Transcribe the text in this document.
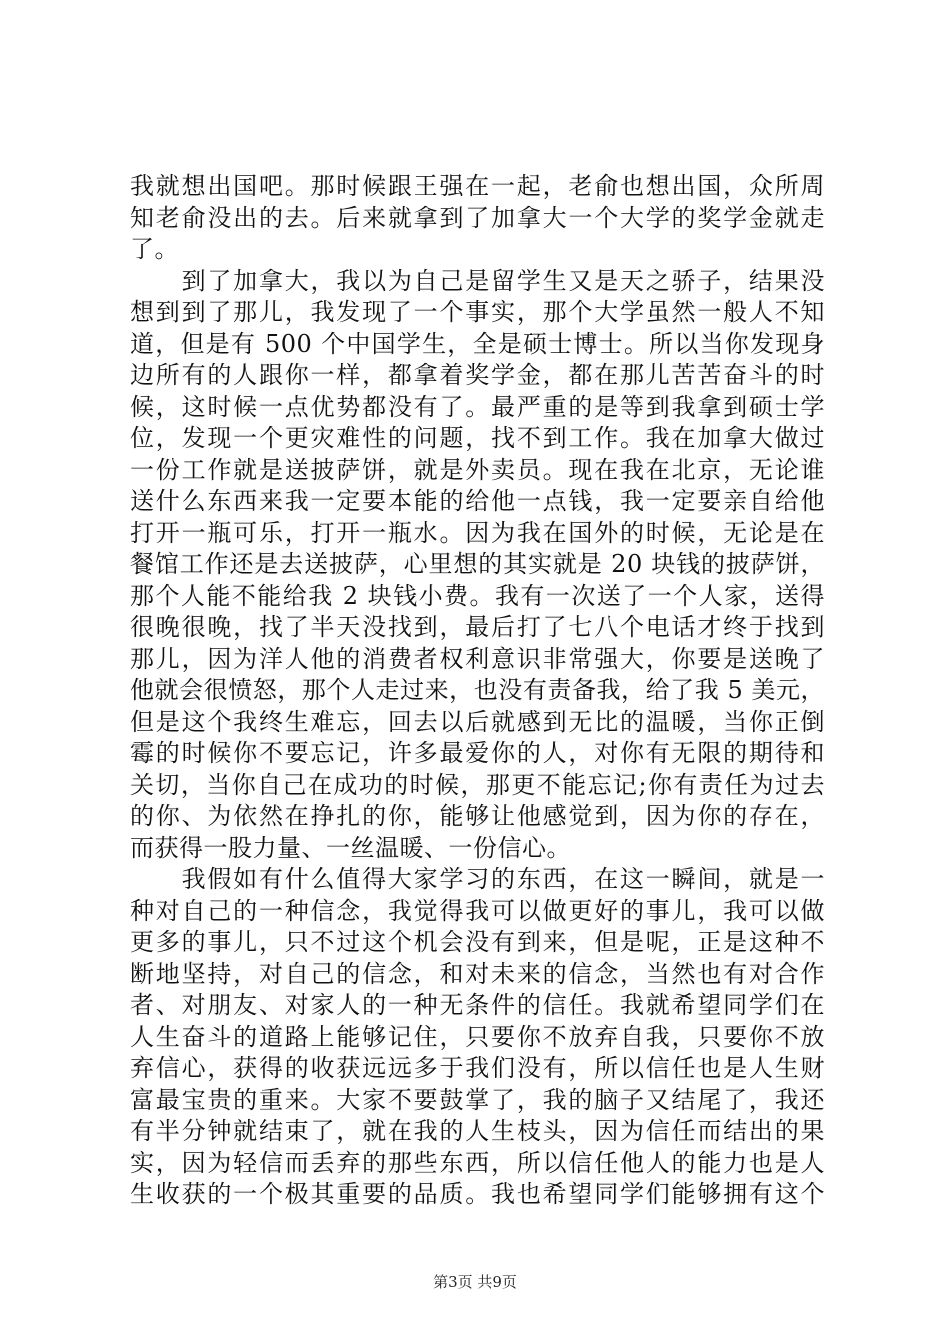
我就想出国吧。那时候跟王强在一起，老俞也想出国，众所周
知老俞没出的去。后来就拿到了加拿大一个大学的奖学金就走
了。
　　到了加拿大，我以为自己是留学生又是天之骄子，结果没
想到到了那儿，我发现了一个事实，那个大学虽然一般人不知
道，但是有 500 个中国学生，全是硕士博士。所以当你发现身
边所有的人跟你一样，都拿着奖学金，都在那儿苦苦奋斗的时
候，这时候一点优势都没有了。最严重的是等到我拿到硕士学
位，发现一个更灾难性的问题，找不到工作。我在加拿大做过
一份工作就是送披萨饼，就是外卖员。现在我在北京，无论谁
送什么东西来我一定要本能的给他一点钱，我一定要亲自给他
打开一瓶可乐，打开一瓶水。因为我在国外的时候，无论是在
餐馆工作还是去送披萨，心里想的其实就是 20 块钱的披萨饼，
那个人能不能给我 2 块钱小费。我有一次送了一个人家，送得
很晚很晚，找了半天没找到，最后打了七八个电话才终于找到
那儿，因为洋人他的消费者权利意识非常强大，你要是送晚了
他就会很愤怒，那个人走过来，也没有责备我，给了我 5 美元，
但是这个我终生难忘，回去以后就感到无比的温暖，当你正倒
霉的时候你不要忘记，许多最爱你的人，对你有无限的期待和
关切，当你自己在成功的时候，那更不能忘记;你有责任为过去
的你、为依然在挣扎的你，能够让他感觉到，因为你的存在，
而获得一股力量、一丝温暖、一份信心。
　　我假如有什么值得大家学习的东西，在这一瞬间，就是一
种对自己的一种信念，我觉得我可以做更好的事儿，我可以做
更多的事儿，只不过这个机会没有到来，但是呢，正是这种不
断地坚持，对自己的信念，和对未来的信念，当然也有对合作
者、对朋友、对家人的一种无条件的信任。我就希望同学们在
人生奋斗的道路上能够记住，只要你不放弃自我，只要你不放
弃信心，获得的收获远远多于我们没有，所以信任也是人生财
富最宝贵的重来。大家不要鼓掌了，我的脑子又结尾了，我还
有半分钟就结束了，就在我的人生枝头，因为信任而结出的果
实，因为轻信而丢弃的那些东西，所以信任他人的能力也是人
生收获的一个极其重要的品质。我也希望同学们能够拥有这个
第3页 共9页
